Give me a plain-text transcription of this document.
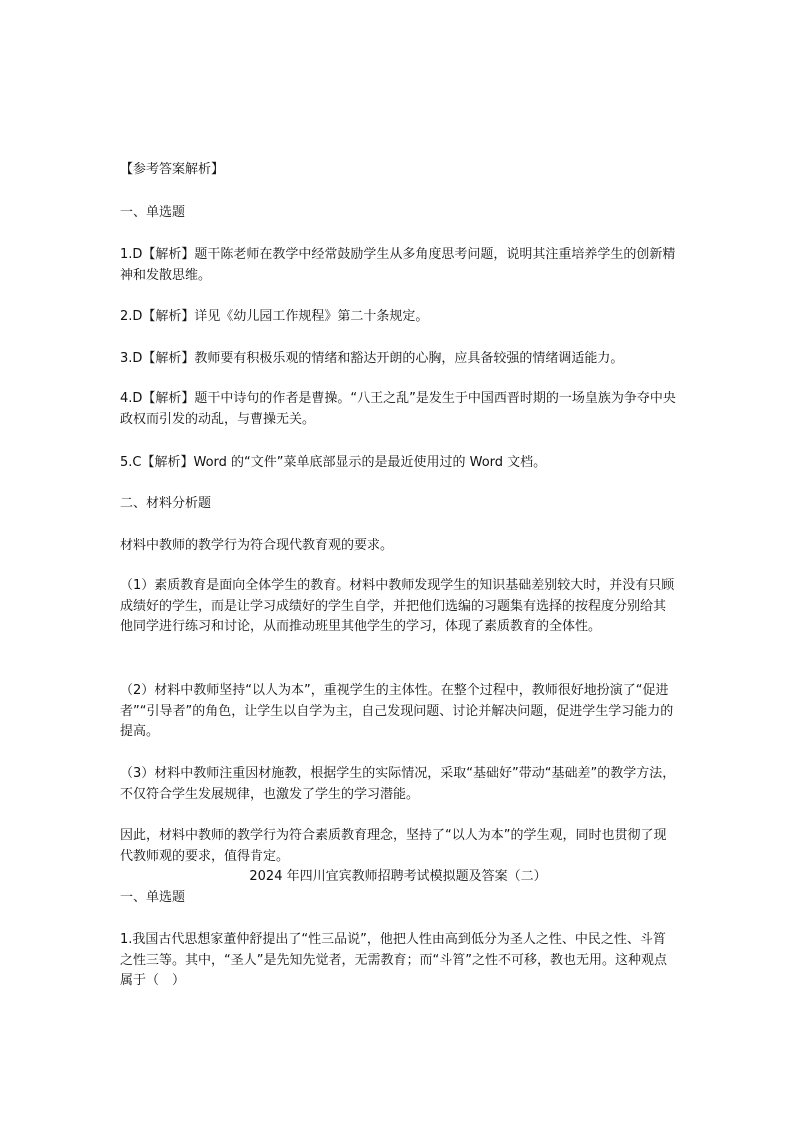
【参考答案解析】

一、单选题

1.D【解析】题干陈老师在教学中经常鼓励学生从多角度思考问题，说明其注重培养学生的创新精神和发散思维。

2.D【解析】详见《幼儿园工作规程》第二十条规定。

3.D【解析】教师要有积极乐观的情绪和豁达开朗的心胸，应具备较强的情绪调适能力。

4.D【解析】题干中诗句的作者是曹操。“八王之乱”是发生于中国西晋时期的一场皇族为争夺中央政权而引发的动乱，与曹操无关。

5.C【解析】Word 的“文件”菜单底部显示的是最近使用过的 Word 文档。

二、材料分析题

材料中教师的教学行为符合现代教育观的要求。

（1）素质教育是面向全体学生的教育。材料中教师发现学生的知识基础差别较大时，并没有只顾成绩好的学生，而是让学习成绩好的学生自学，并把他们选编的习题集有选择的按程度分别给其他同学进行练习和讨论，从而推动班里其他学生的学习，体现了素质教育的全体性。

（2）材料中教师坚持“以人为本”，重视学生的主体性。在整个过程中，教师很好地扮演了“促进者”“引导者”的角色，让学生以自学为主，自己发现问题、讨论并解决问题，促进学生学习能力的提高。

（3）材料中教师注重因材施教，根据学生的实际情况，采取“基础好”带动“基础差”的教学方法，不仅符合学生发展规律，也激发了学生的学习潜能。

因此，材料中教师的教学行为符合素质教育理念，坚持了“以人为本”的学生观，同时也贯彻了现代教师观的要求，值得肯定。

2024 年四川宜宾教师招聘考试模拟题及答案（二）

一、单选题

1.我国古代思想家董仲舒提出了“性三品说”，他把人性由高到低分为圣人之性、中民之性、斗筲之性三等。其中，“圣人”是先知先觉者，无需教育；而“斗筲”之性不可移，教也无用。这种观点属于（　）
